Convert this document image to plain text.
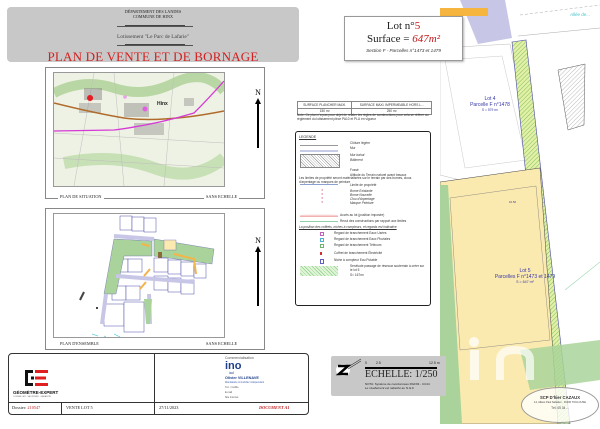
DÉPARTEMENT DES LANDES
COMMUNE DE HINX
Lotissement "Le Parc de Lafarie"
PLAN DE VENTE ET DE BORNAGE
Hinx
N
PLAN DE SITUATION	SANS ECHELLE
N
PLAN D'ENSEMBLE	SANS ECHELLE
Allée de...
16.56
Lot 4
Parcelle F n°1478
S = 579 m²
Lot 5
Parcelles F n°1473 et 1479
S = 647 m²
Lot n°5
Surface = 647m²
Section F - Parcelles n°1473 et 1479
SURFACE PLANCHER MAXI.	SURFACE MAXI. IMPERMEABLE HORS L...
150 m²	250 m²
Note: Ce plan n'a pas pour objet de relater les règles de constructions pour cela se référer au règlement du lotissement pièce PA10 et PLU en vigueur
LEGENDE
✕
✕
✕
✕
Clôture légère
Mur
Mur bahut
Bâtiment
Fossé
Altitude du Terrain naturel avant travaux
Les limites de propriété seront matérialisées sur le terrain par des bornes, clous d'arpentage ou marques de peinture
Limite de propriété
Borne Existante
Borne Nouvelle
Clou d'Arpentage
Marque Peinture
Accès au lot (position imposée)
Recul des constructions par rapport aux limites
La position des coffrets, niches à compteurs, et regards est indicative
Regard de branchement Eaux Usées
Regard de branchement Eaux Pluviales
Regard de branchement Télécom
Coffret de branchement Électricité
Niche à compteur Eau Potable
Servitude passage de réseaux souterrain à créer sur le lot 5
S= 167m²
0	2.5	12.5 m
ECHELLE: 1/250
NOTA: Système de coordonnées RGF93 - CC44
Le nivellement est rattaché au N.G.F.
GÉOMÈTRE-EXPERT
CONSEILLER · VALORISER · GARANTIR
Dossier: 210547	VENTE LOT 5	27/11/2023	DOCUMENT A1
Commercialisation
ino
iad
Olivier VILLENAVE
Mandataire immobilier indépendant
Tél. / mobile
E-mail
Site internet	SCP D'hier CAZAUX
14, Allées Paul Sabatier · 31000 TOULOUSE
Tél. 05 34 ...
